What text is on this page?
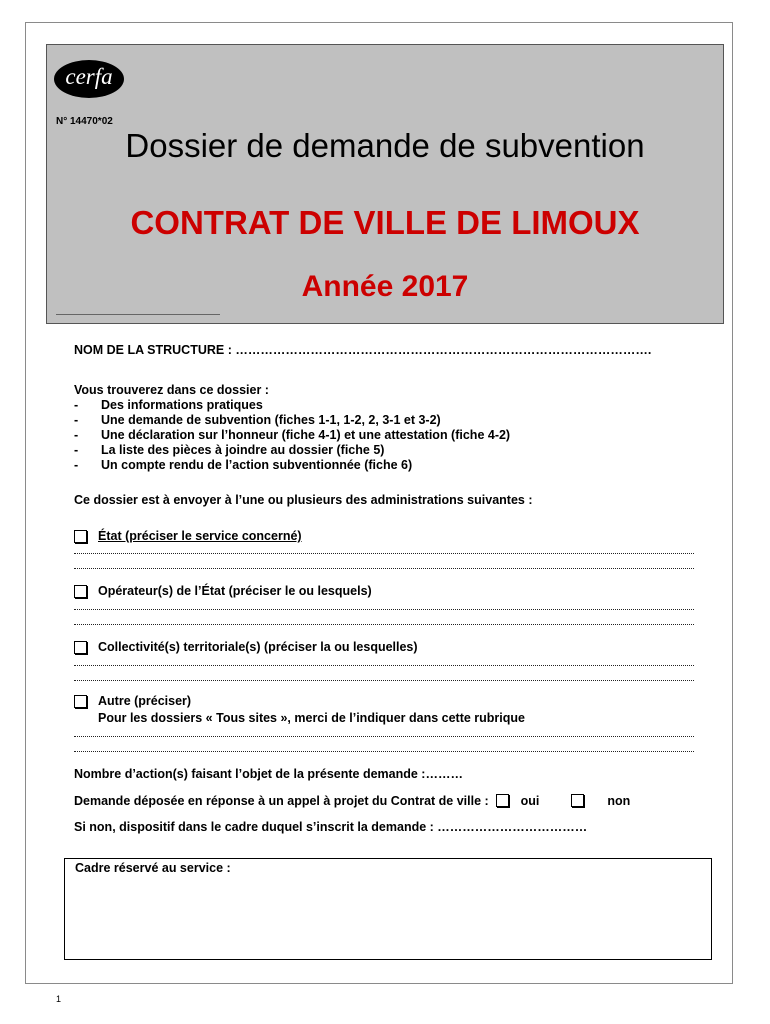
cerfa
N° 14470*02
Dossier de demande de subvention
CONTRAT DE VILLE DE LIMOUX
Année 2017
NOM DE LA STRUCTURE : ……………………………………………………………………………………….
Vous trouverez dans ce dossier :
- Des informations pratiques
- Une demande de subvention (fiches 1-1, 1-2, 2, 3-1 et 3-2)
- Une déclaration sur l’honneur (fiche 4-1) et une attestation (fiche 4-2)
- La liste des pièces à joindre au dossier (fiche 5)
- Un compte rendu de l’action subventionnée (fiche 6)
Ce dossier est à envoyer à l’une ou plusieurs des administrations suivantes :
État (préciser le service concerné)
Opérateur(s) de l’État (préciser le ou lesquels)
Collectivité(s) territoriale(s) (préciser la ou lesquelles)
Autre (préciser)
Pour les dossiers « Tous sites », merci de l’indiquer dans cette rubrique
Nombre d’action(s) faisant l’objet de la présente demande :………
Demande déposée en réponse à un appel à projet du Contrat de ville :	oui	non
Si non, dispositif dans le cadre duquel s’inscrit la demande : ………………………………
Cadre réservé au service :
1
